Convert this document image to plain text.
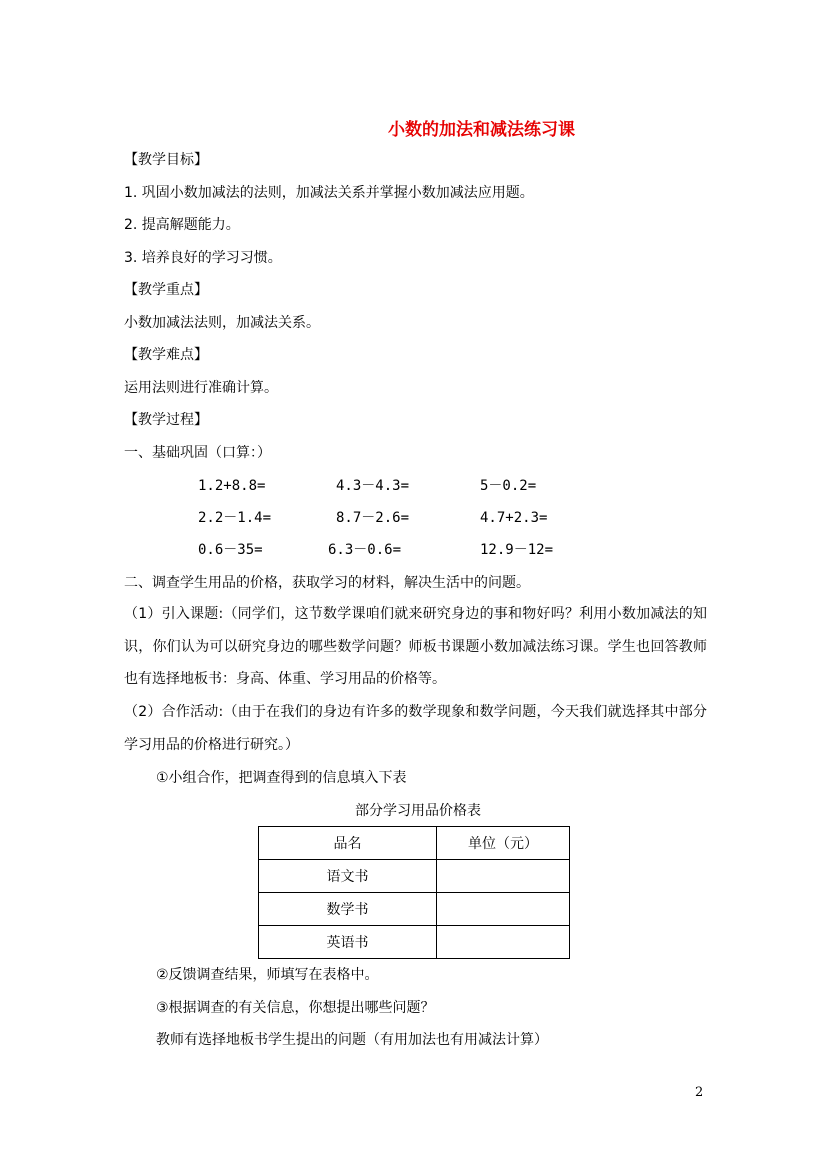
小数的加法和减法练习课
【教学目标】
1. 巩固小数加减法的法则，加减法关系并掌握小数加减法应用题。
2. 提高解题能力。
3. 培养良好的学习习惯。
【教学重点】
小数加减法法则，加减法关系。
【教学难点】
运用法则进行准确计算。
【教学过程】
一、基础巩固（口算：）
1.2+8.8=	4.3－4.3=	5－0.2=
2.2－1.4=	8.7－2.6=	4.7+2.3=
0.6－35=	6.3－0.6=	12.9－12=
二、调查学生用品的价格，获取学习的材料，解决生活中的问题。
（1）引入课题:（同学们，这节数学课咱们就来研究身边的事和物好吗？利用小数加减法的知识，你们认为可以研究身边的哪些数学问题？师板书课题小数加减法练习课。学生也回答教师也有选择地板书：身高、体重、学习用品的价格等。
（2）合作活动:（由于在我们的身边有许多的数学现象和数学问题，今天我们就选择其中部分学习用品的价格进行研究。）
①小组合作，把调查得到的信息填入下表
部分学习用品价格表
品名	单位（元）
语文书	
数学书	
英语书	
②反馈调查结果，师填写在表格中。
③根据调查的有关信息，你想提出哪些问题？
教师有选择地板书学生提出的问题（有用加法也有用减法计算）
2
